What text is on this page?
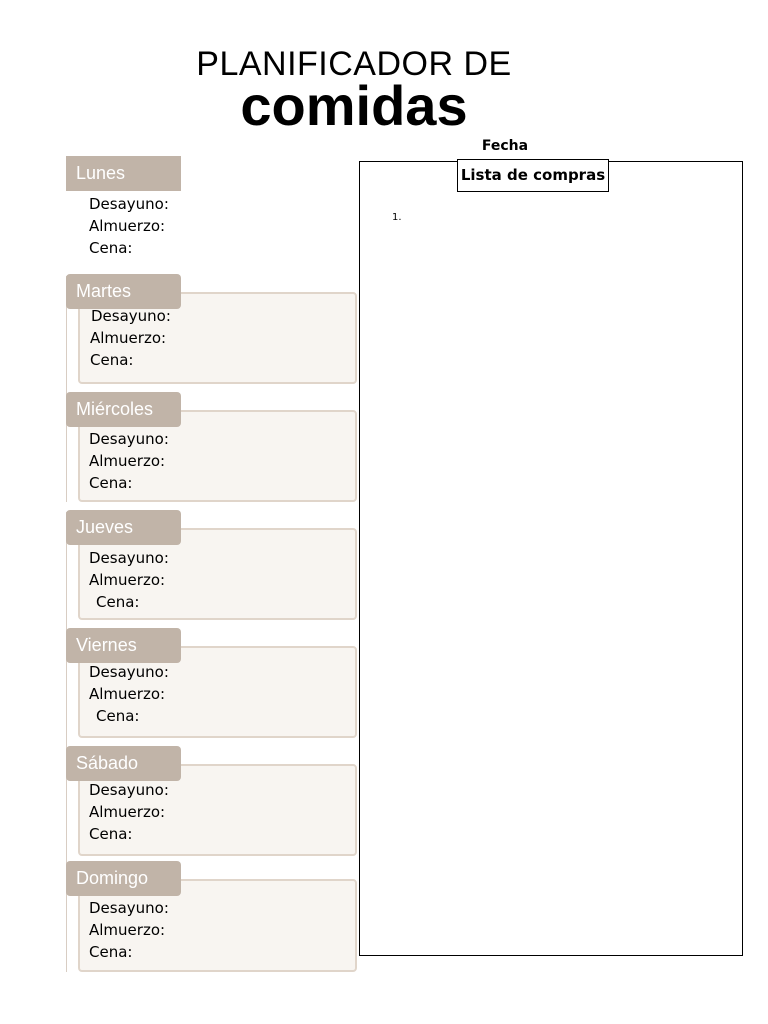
PLANIFICADOR DE
comidas
Fecha
Lista de compras
1.
Lunes
Desayuno:
Almuerzo:
Cena:
Martes
Desayuno:
Almuerzo:
Cena:
Miércoles
Desayuno:
Almuerzo:
Cena:
Jueves
Desayuno:
Almuerzo:
Cena:
Viernes
Desayuno:
Almuerzo:
Cena:
Sábado
Desayuno:
Almuerzo:
Cena:
Domingo
Desayuno:
Almuerzo:
Cena:
